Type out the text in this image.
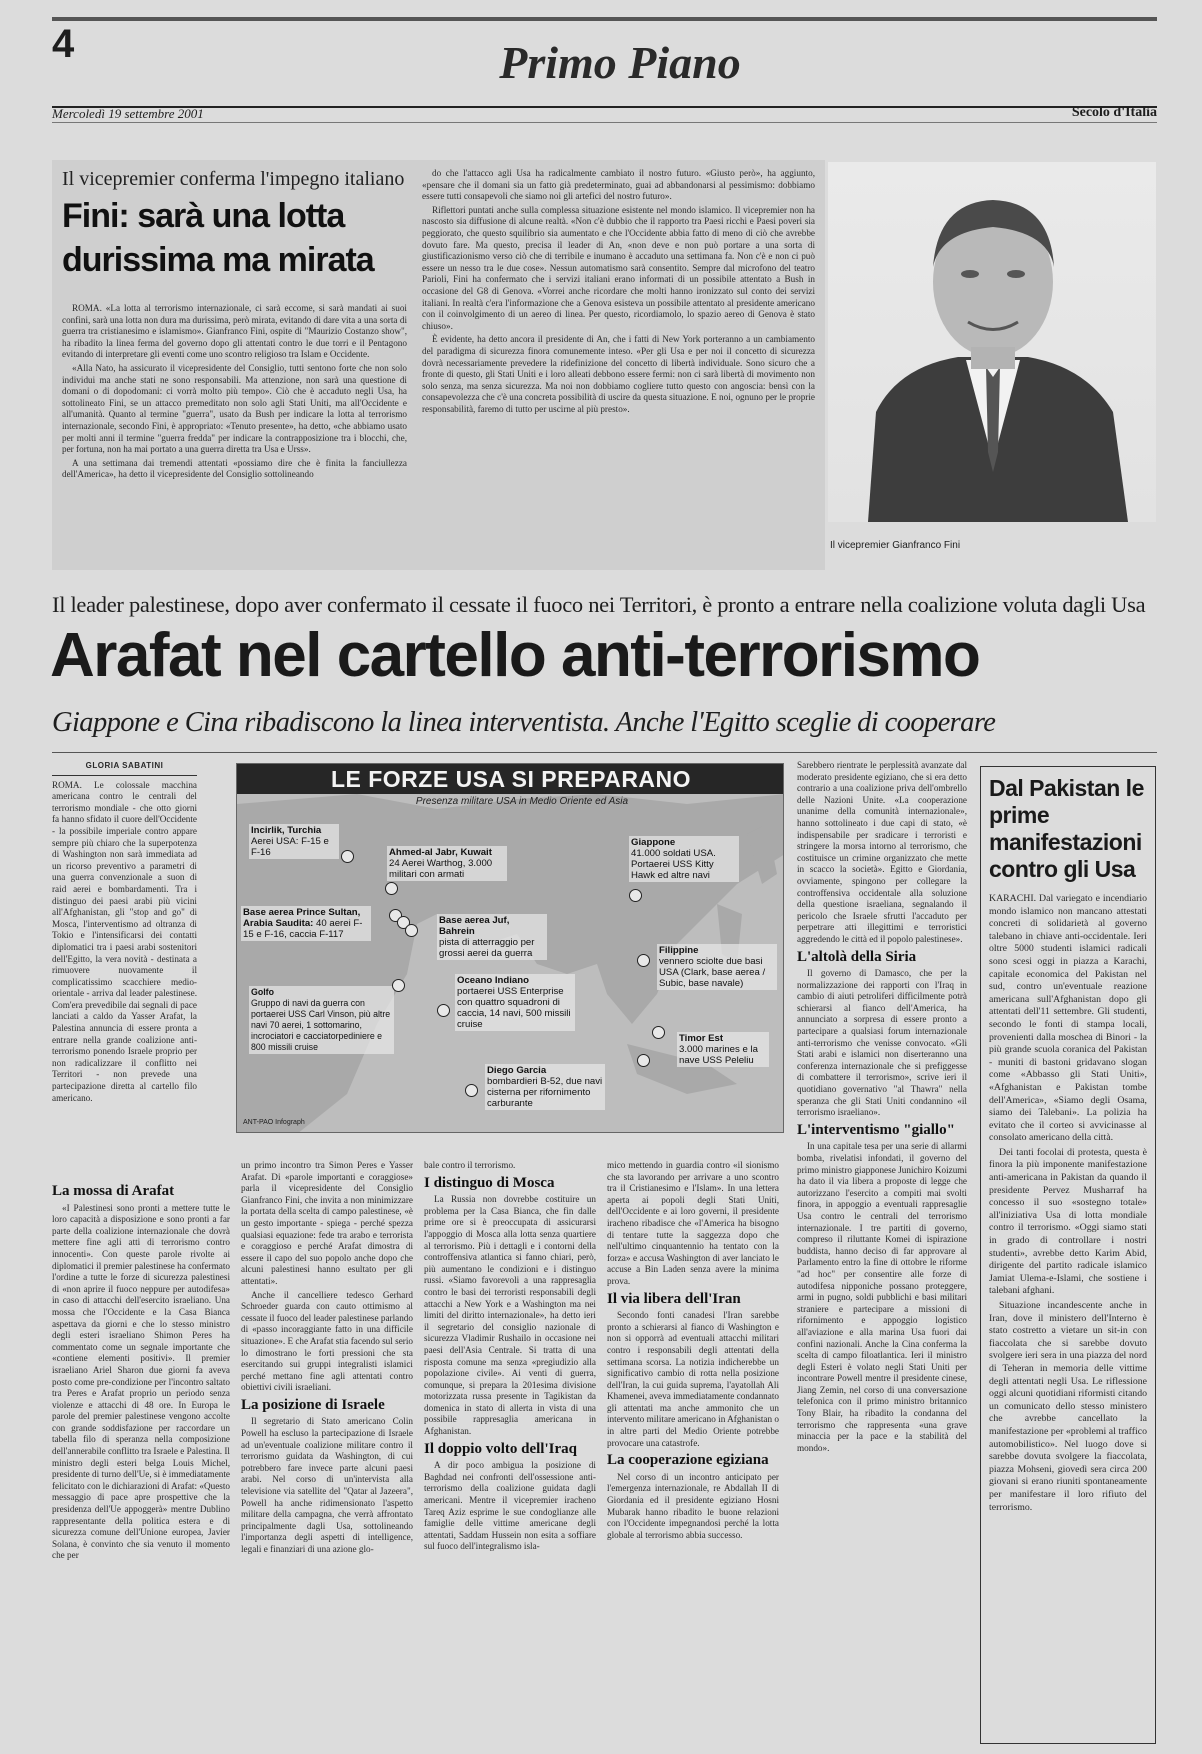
4	Primo Piano
Mercoledì 19 settembre 2001	Secolo d'Italia
Il vicepremier conferma l'impegno italiano
Fini: sarà una lotta durissima ma mirata

ROMA. «La lotta al terrorismo internazionale, ci sarà eccome, si sarà mandati ai suoi confini, sarà una lotta non dura ma durissima, però mirata, evitando di dare vita a una sorta di guerra tra cristianesimo e islamismo». Gianfranco Fini, ospite di "Maurizio Costanzo show", ha ribadito la linea ferma del governo dopo gli attentati contro le due torri e il Pentagono evitando di interpretare gli eventi come uno scontro religioso tra Islam e Occidente.

«Alla Nato, ha assicurato il vicepresidente del Consiglio, tutti sentono forte che non solo individui ma anche stati ne sono responsabili. Ma attenzione, non sarà una questione di domani o di dopodomani: ci vorrà molto più tempo». Ciò che è accaduto negli Usa, ha sottolineato Fini, se un attacco premeditato non solo agli Stati Uniti, ma all'Occidente e all'umanità. Quanto al termine "guerra", usato da Bush per indicare la lotta al terrorismo internazionale, secondo Fini, è appropriato: «Tenuto presente», ha detto, «che abbiamo usato per molti anni il termine "guerra fredda" per indicare la contrapposizione tra i blocchi, che, per fortuna, non ha mai portato a una guerra diretta tra Usa e Urss».

A una settimana dai tremendi attentati «possiamo dire che è finita la fanciullezza dell'America», ha detto il vicepresidente del Consiglio sottolineando

do che l'attacco agli Usa ha radicalmente cambiato il nostro futuro. «Giusto però», ha aggiunto, «pensare che il domani sia un fatto già predeterminato, guai ad abbandonarsi al pessimismo: dobbiamo essere tutti consapevoli che siamo noi gli artefici del nostro futuro».

Riflettori puntati anche sulla complessa situazione esistente nel mondo islamico. Il vicepremier non ha nascosto sia diffusione di alcune realtà. «Non c'è dubbio che il rapporto tra Paesi ricchi e Paesi poveri sia peggiorato, che questo squilibrio sia aumentato e che l'Occidente abbia fatto di meno di ciò che avrebbe dovuto fare. Ma questo, precisa il leader di An, «non deve e non può portare a una sorta di giustificazionismo verso ciò che di terribile e inumano è accaduto una settimana fa. Non c'è e non ci può essere un nesso tra le due cose». Nessun automatismo sarà consentito. Sempre dal microfono del teatro Parioli, Fini ha confermato che i servizi italiani erano informati di un possibile attentato a Bush in occasione del G8 di Genova. «Vorrei anche ricordare che molti hanno ironizzato sul conto dei servizi italiani. In realtà c'era l'informazione che a Genova esisteva un possibile attentato al presidente americano con il coinvolgimento di un aereo di linea. Per questo, ricordiamolo, lo spazio aereo di Genova è stato chiuso».

È evidente, ha detto ancora il presidente di An, che i fatti di New York porteranno a un cambiamento del paradigma di sicurezza finora comunemente inteso. «Per gli Usa e per noi il concetto di sicurezza dovrà necessariamente prevedere la ridefinizione del concetto di libertà individuale. Sono sicuro che a fronte di questo, gli Stati Uniti e i loro alleati debbono essere fermi: non ci sarà libertà di movimento non solo senza, ma senza sicurezza. Ma noi non dobbiamo cogliere tutto questo con angoscia: bensì con la consapevolezza che c'è una concreta possibilità di uscire da questa situazione. E noi, ognuno per le proprie responsabilità, faremo di tutto per uscirne al più presto».

Il vicepremier Gianfranco Fini
Il leader palestinese, dopo aver confermato il cessate il fuoco nei Territori, è pronto a entrare nella coalizione voluta dagli Usa
Arafat nel cartello anti-terrorismo
Giappone e Cina ribadiscono la linea interventista. Anche l'Egitto sceglie di cooperare
GLORIA SABATINI

ROMA. Le colossale macchina americana contro le centrali del terrorismo mondiale - che otto giorni fa hanno sfidato il cuore dell'Occidente - la possibile imperiale contro appare sempre più chiaro che la superpotenza di Washington non sarà immediata ad un ricorso preventivo a parametri di una guerra convenzionale a suon di raid aerei e bombardamenti. Tra i distinguo dei paesi arabi più vicini all'Afghanistan, gli "stop and go" di Mosca, l'interventismo ad oltranza di Tokio e l'intensificarsi dei contatti diplomatici tra i paesi arabi sostenitori dell'Egitto, la vera novità - destinata a rimuovere nuovamente il complicatissimo scacchiere medio-orientale - arriva dal leader palestinese. Com'era prevedibile dai segnali di pace lanciati a caldo da Yasser Arafat, la Palestina annuncia di essere pronta a entrare nella grande coalizione anti-terrorismo ponendo Israele proprio per non radicalizzare il conflitto nei Territori - non prevede una partecipazione diretta al cartello filo americano.

LE FORZE USA SI PREPARANO
Presenza militare USA in Medio Oriente ed Asia
Incirlik, Turchia
Aerei USA: F-15 e F-16	Ahmed-al Jabr, Kuwait
24 Aerei Warthog, 3.000 militari con armati
Giappone
41.000 soldati USA. Portaerei USS Kitty Hawk ed altre navi
Base aerea Prince Sultan, Arabia Saudita: 40 aerei F-15 e F-16, caccia F-117
Base aerea Juf, Bahrein
pista di atterraggio per grossi aerei da guerra	Filippine
vennero sciolte due basi USA (Clark, base aerea / Subic, base navale)
Golfo
Gruppo di navi da guerra con portaerei USS Carl Vinson, più altre navi 70 aerei, 1 sottomarino, incrociatori e cacciatorpediniere e 800 missili cruise
Oceano Indiano
portaerei USS Enterprise con quattro squadroni di caccia, 14 navi, 500 missili cruise
Diego Garcia
bombardieri B-52, due navi cisterna per rifornimento carburante
Timor Est
3.000 marines e la nave USS Peleliu
ANT-PAO Infograph
La mossa di Arafat

«I Palestinesi sono pronti a mettere tutte le loro capacità a disposizione e sono pronti a far parte della coalizione internazionale che dovrà mettere fine agli atti di terrorismo contro innocenti». Con queste parole rivolte ai diplomatici il premier palestinese ha confermato l'ordine a tutte le forze di sicurezza palestinesi di «non aprire il fuoco neppure per autodifesa» in caso di attacchi dell'esercito israeliano. Una mossa che l'Occidente e la Casa Bianca aspettava da giorni e che lo stesso ministro degli esteri israeliano Shimon Peres ha commentato come un segnale importante che «contiene elementi positivi». Il premier israeliano Ariel Sharon due giorni fa aveva posto come pre-condizione per l'incontro saltato tra Peres e Arafat proprio un periodo senza violenze e attacchi di 48 ore. In Europa le parole del premier palestinese vengono accolte con grande soddisfazione per raccordare un tabella filo di speranza nella composizione dell'annerabile conflitto tra Israele e Palestina. Il ministro degli esteri belga Louis Michel, presidente di turno dell'Ue, si è immediatamente felicitato con le dichiarazioni di Arafat: «Questo messaggio di pace apre prospettive che la presidenza dell'Ue appoggerà» mentre Dublino rappresentante della politica estera e di sicurezza comune dell'Unione europea, Javier Solana, è convinto che sia venuto il momento che per

un primo incontro tra Simon Peres e Yasser Arafat. Di «parole importanti e coraggiose» parla il vicepresidente del Consiglio Gianfranco Fini, che invita a non minimizzare la portata della scelta di campo palestinese, «è un gesto importante - spiega - perché spezza qualsiasi equazione: fede tra arabo e terrorista e coraggioso e perché Arafat dimostra di essere il capo del suo popolo anche dopo che alcuni palestinesi hanno esultato per gli attentati».

Anche il cancelliere tedesco Gerhard Schroeder guarda con cauto ottimismo al cessate il fuoco del leader palestinese parlando di «passo incoraggiante fatto in una difficile situazione». E che Arafat stia facendo sul serio lo dimostrano le forti pressioni che sta esercitando sui gruppi integralisti islamici perché mettano fine agli attentati contro obiettivi civili israeliani.

La posizione di Israele

Il segretario di Stato americano Colin Powell ha escluso la partecipazione di Israele ad un'eventuale coalizione militare contro il terrorismo guidata da Washington, di cui potrebbero fare invece parte alcuni paesi arabi. Nel corso di un'intervista alla televisione via satellite del "Qatar al Jazeera", Powell ha anche ridimensionato l'aspetto militare della campagna, che verrà affrontato principalmente dagli Usa, sottolineando l'importanza degli aspetti di intelligence, legali e finanziari di una azione glo-

bale contro il terrorismo.

I distinguo di Mosca

La Russia non dovrebbe costituire un problema per la Casa Bianca, che fin dalle prime ore si è preoccupata di assicurarsi l'appoggio di Mosca alla lotta senza quartiere al terrorismo. Più i dettagli e i contorni della controffensiva atlantica si fanno chiari, però, più aumentano le condizioni e i distinguo russi. «Siamo favorevoli a una rappresaglia contro le basi dei terroristi responsabili degli attacchi a New York e a Washington ma nei limiti del diritto internazionale», ha detto ieri il segretario del consiglio nazionale di sicurezza Vladimir Rushailo in occasione nei paesi dell'Asia Centrale. Si tratta di una risposta comune ma senza «pregiudizio alla popolazione civile». Ai venti di guerra, comunque, si prepara la 201esima divisione motorizzata russa presente in Tagikistan da domenica in stato di allerta in vista di una possibile rappresaglia americana in Afghanistan.

Il doppio volto dell'Iraq

A dir poco ambigua la posizione di Baghdad nei confronti dell'ossessione anti-terrorismo della coalizione guidata dagli americani. Mentre il vicepremier iracheno Tareq Aziz esprime le sue condoglianze alle famiglie delle vittime americane degli attentati, Saddam Hussein non esita a soffiare sul fuoco dell'integralismo isla-

mico mettendo in guardia contro «il sionismo che sta lavorando per arrivare a uno scontro tra il Cristianesimo e l'Islam». In una lettera aperta ai popoli degli Stati Uniti, dell'Occidente e ai loro governi, il presidente iracheno ribadisce che «l'America ha bisogno di tentare tutte la saggezza dopo che nell'ultimo cinquantennio ha tentato con la forza» e accusa Washington di aver lanciato le accuse a Bin Laden senza avere la minima prova.

Il via libera dell'Iran

Secondo fonti canadesi l'Iran sarebbe pronto a schierarsi al fianco di Washington e non si opporrà ad eventuali attacchi militari contro i responsabili degli attentati della settimana scorsa. La notizia indicherebbe un significativo cambio di rotta nella posizione dell'Iran, la cui guida suprema, l'ayatollah Ali Khamenei, aveva immediatamente condannato gli attentati ma anche ammonito che un intervento militare americano in Afghanistan o in altre parti del Medio Oriente potrebbe provocare una catastrofe.

La cooperazione egiziana

Nel corso di un incontro anticipato per l'emergenza internazionale, re Abdallah II di Giordania ed il presidente egiziano Hosni Mubarak hanno ribadito le buone relazioni con l'Occidente impegnandosi perché la lotta globale al terrorismo abbia successo.

Sarebbero rientrate le perplessità avanzate dal moderato presidente egiziano, che si era detto contrario a una coalizione priva dell'ombrello delle Nazioni Unite. «La cooperazione unanime della comunità internazionale», hanno sottolineato i due capi di stato, «è indispensabile per sradicare i terroristi e stringere la morsa intorno al terrorismo, che costituisce un crimine organizzato che mette in scacco la società». Egitto e Giordania, ovviamente, spingono per collegare la controffensiva occidentale alla soluzione della questione israeliana, segnalando il pericolo che Israele sfrutti l'accaduto per perpetrare atti illegittimi e terroristici aggredendo le città ed il popolo palestinese».

L'altolà della Siria

Il governo di Damasco, che per la normalizzazione dei rapporti con l'Iraq in cambio di aiuti petroliferi difficilmente potrà schierarsi al fianco dell'America, ha annunciato a sorpresa di essere pronto a partecipare a qualsiasi forum internazionale anti-terrorismo che venisse convocato. «Gli Stati arabi e islamici non diserteranno una conferenza internazionale che si prefiggesse di combattere il terrorismo», scrive ieri il quotidiano governativo "al Thawra" nella speranza che gli Stati Uniti condannino «il terrorismo israeliano».

L'interventismo "giallo"

In una capitale tesa per una serie di allarmi bomba, rivelatisi infondati, il governo del primo ministro giapponese Junichiro Koizumi ha dato il via libera a proposte di legge che autorizzano l'esercito a compiti mai svolti finora, in appoggio a eventuali rappresaglie Usa contro le centrali del terrorismo internazionale. I tre partiti di governo, compreso il riluttante Komei di ispirazione buddista, hanno deciso di far approvare al Parlamento entro la fine di ottobre le riforme "ad hoc" per consentire alle forze di autodifesa nipponiche possano proteggere, armi in pugno, soldi pubblichi e basi militari straniere e partecipare a missioni di rifornimento e appoggio logistico all'aviazione e alla marina Usa fuori dai confini nazionali. Anche la Cina conferma la scelta di campo filoatlantica. Ieri il ministro degli Esteri è volato negli Stati Uniti per incontrare Powell mentre il presidente cinese, Jiang Zemin, nel corso di una conversazione telefonica con il primo ministro britannico Tony Blair, ha ribadito la condanna del terrorismo che rappresenta «una grave minaccia per la pace e la stabilità del mondo».

Dal Pakistan le prime manifestazioni contro gli Usa

KARACHI. Dal variegato e incendiario mondo islamico non mancano attestati concreti di solidarietà al governo talebano in chiave anti-occidentale. Ieri oltre 5000 studenti islamici radicali sono scesi oggi in piazza a Karachi, capitale economica del Pakistan nel sud, contro un'eventuale reazione americana sull'Afghanistan dopo gli attentati dell'11 settembre. Gli studenti, secondo le fonti di stampa locali, provenienti dalla moschea di Binori - la più grande scuola coranica del Pakistan - muniti di bastoni gridavano slogan come «Abbasso gli Stati Uniti», «Afghanistan e Pakistan tombe dell'America», «Siamo degli Osama, siamo dei Talebani». La polizia ha evitato che il corteo si avvicinasse al consolato americano della città.

Dei tanti focolai di protesta, questa è finora la più imponente manifestazione anti-americana in Pakistan da quando il presidente Pervez Musharraf ha concesso il suo «sostegno totale» all'iniziativa Usa di lotta mondiale contro il terrorismo. «Oggi siamo stati in grado di controllare i nostri studenti», avrebbe detto Karim Abid, dirigente del partito radicale islamico Jamiat Ulema-e-Islami, che sostiene i talebani afghani.

Situazione incandescente anche in Iran, dove il ministero dell'Interno è stato costretto a vietare un sit-in con fiaccolata che si sarebbe dovuto svolgere ieri sera in una piazza del nord di Teheran in memoria delle vittime degli attentati negli Usa. Le riflessione oggi alcuni quotidiani riformisti citando un comunicato dello stesso ministero che avrebbe cancellato la manifestazione per «problemi al traffico automobilistico». Nel luogo dove si sarebbe dovuta svolgere la fiaccolata, piazza Mohseni, giovedì sera circa 200 giovani si erano riuniti spontaneamente per manifestare il loro rifiuto del terrorismo.
